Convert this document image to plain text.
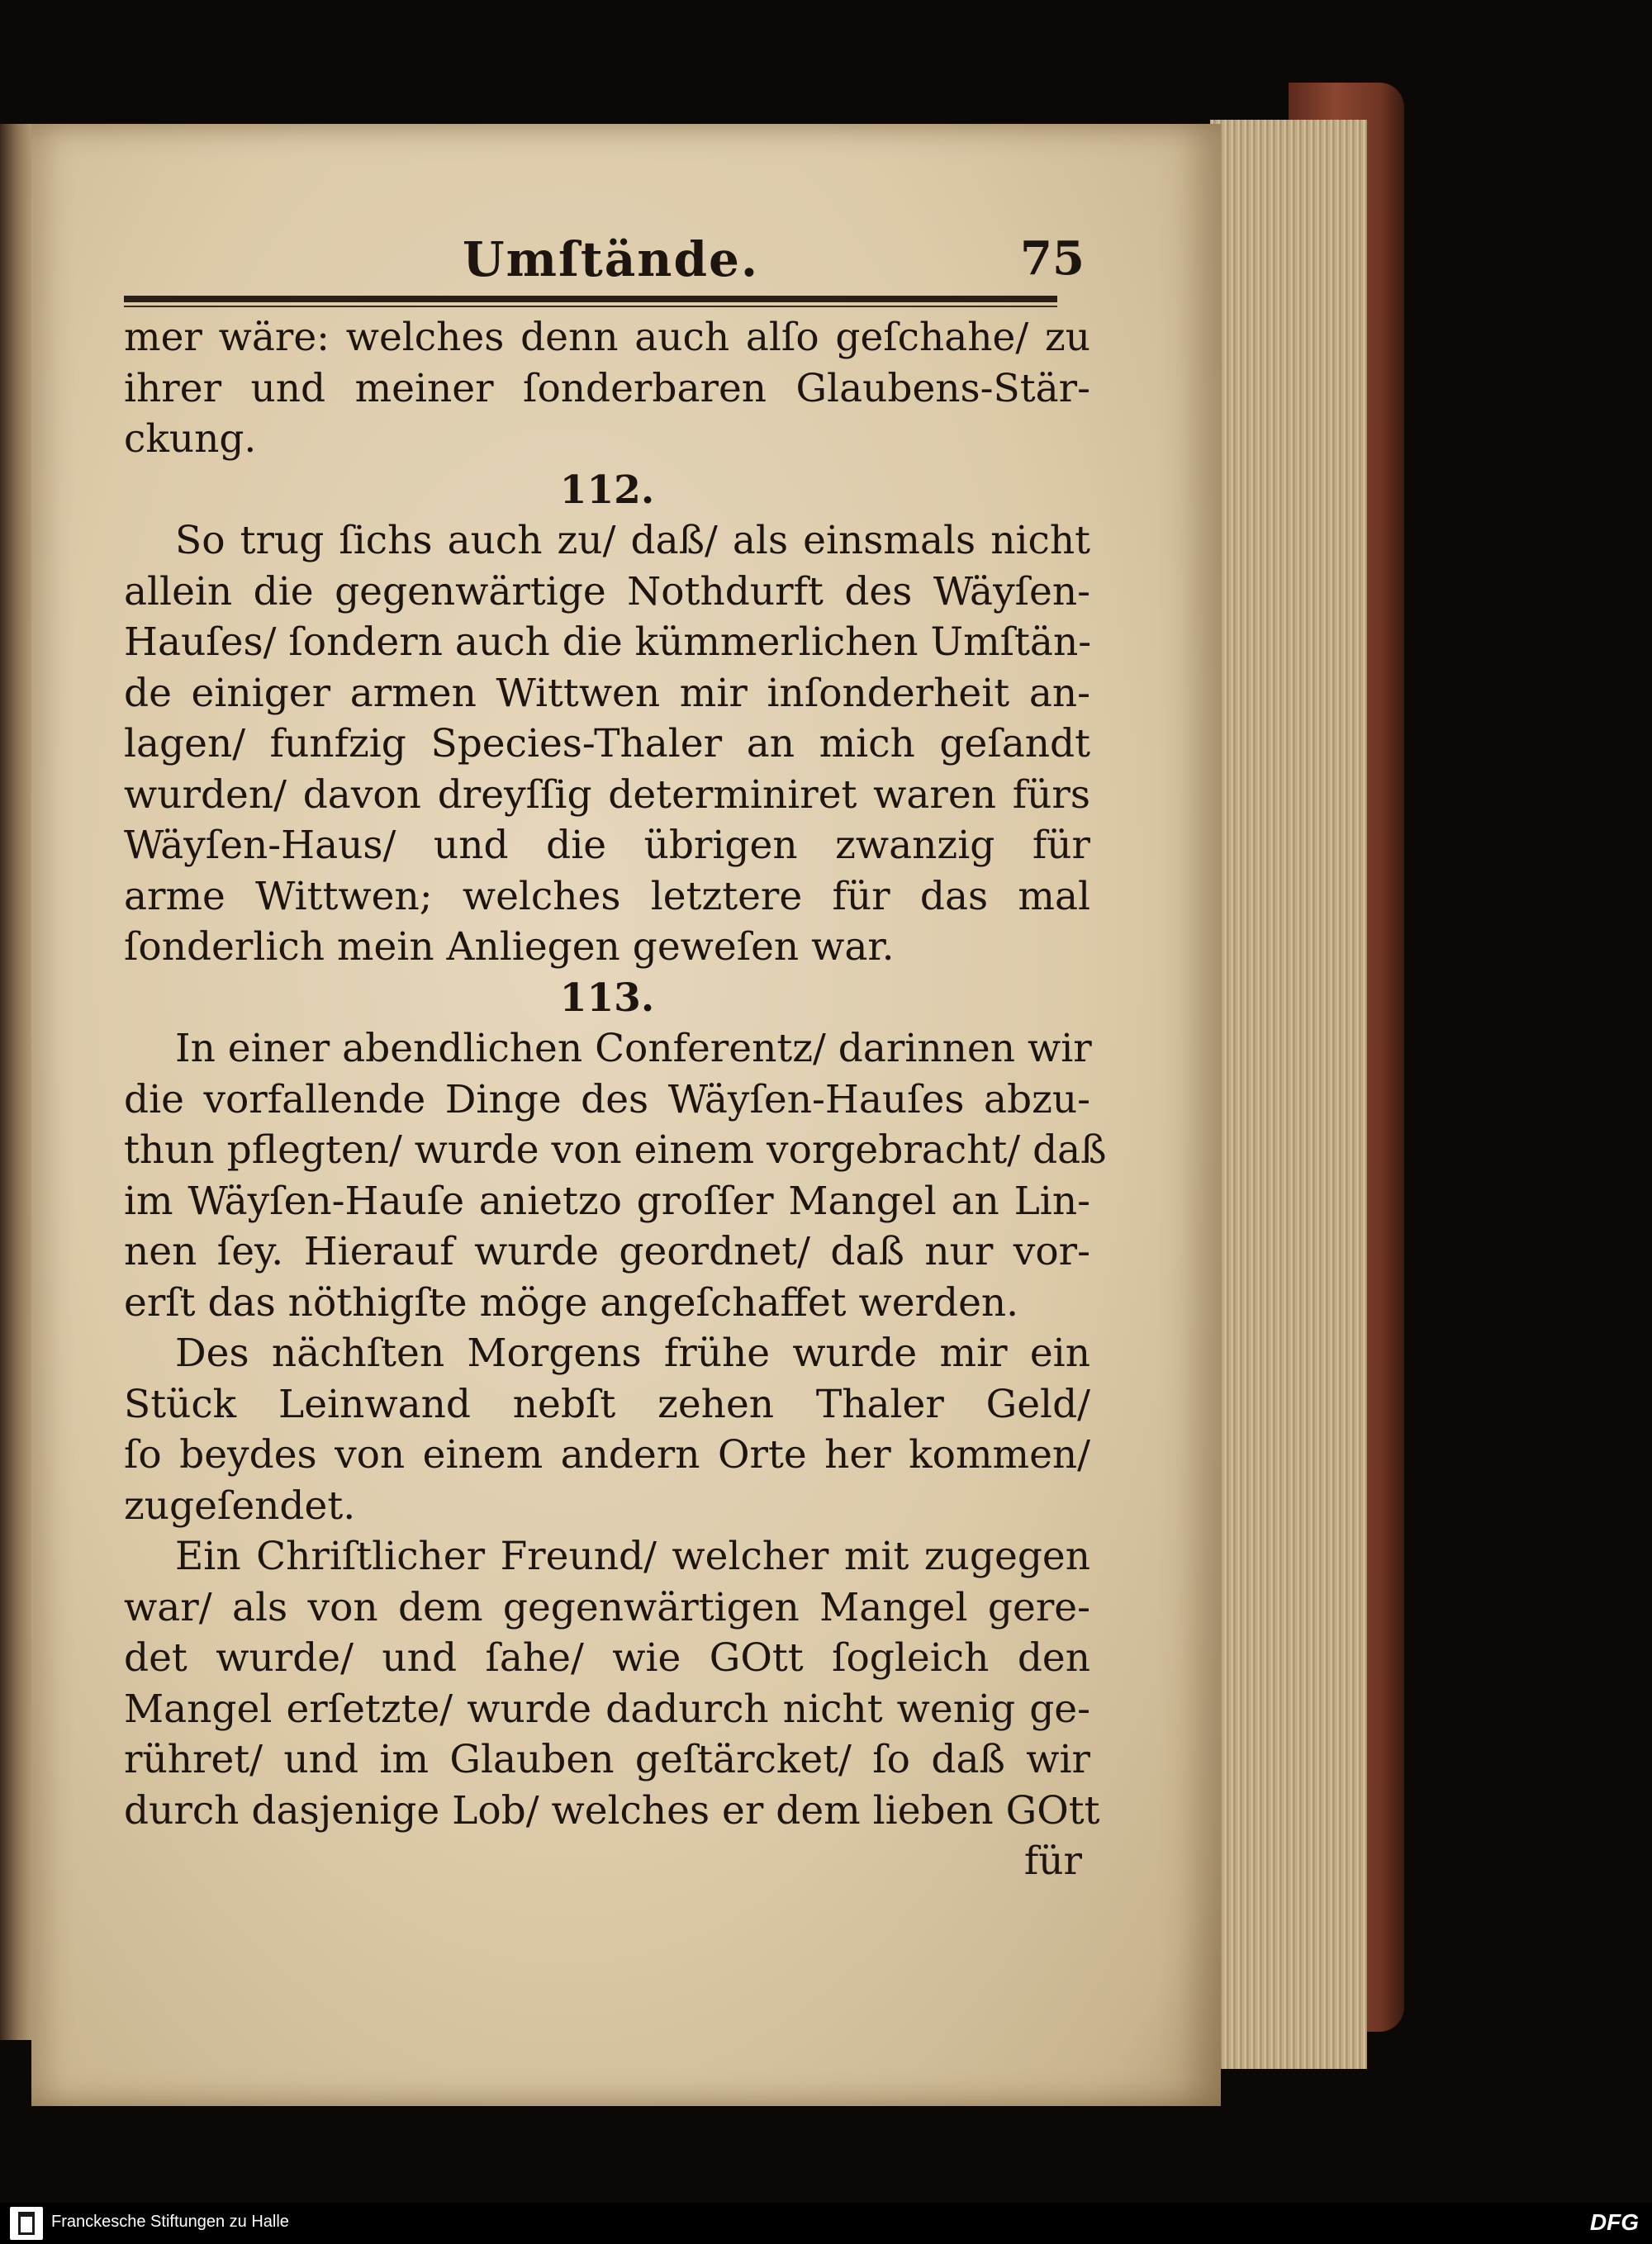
Umſtände.	75
mer wäre: welches denn auch alſo geſchahe/ zu
ihrer und meiner ſonderbaren Glaubens-Stär-
ckung.
112.
So trug ſichs auch zu/ daß/ als einsmals nicht
allein die gegenwärtige Nothdurft des Wäyſen-
Hauſes/ ſondern auch die kümmerlichen Umſtän-
de einiger armen Wittwen mir inſonderheit an-
lagen/ funfzig Species-Thaler an mich geſandt
wurden/ davon dreyſſig determiniret waren fürs
Wäyſen-Haus/ und die übrigen zwanzig für
arme Wittwen; welches letztere für das mal
ſonderlich mein Anliegen geweſen war.
113.
In einer abendlichen Conferentz/ darinnen wir
die vorfallende Dinge des Wäyſen-Hauſes abzu-
thun pflegten/ wurde von einem vorgebracht/ daß
im Wäyſen-Hauſe anietzo groſſer Mangel an Lin-
nen ſey. Hierauf wurde geordnet/ daß nur vor-
erſt das nöthigſte möge angeſchaffet werden.
Des nächſten Morgens frühe wurde mir ein
Stück Leinwand nebſt zehen Thaler Geld/
ſo beydes von einem andern Orte her kommen/
zugeſendet.
Ein Chriſtlicher Freund/ welcher mit zugegen
war/ als von dem gegenwärtigen Mangel gere-
det wurde/ und ſahe/ wie GOtt ſogleich den
Mangel erſetzte/ wurde dadurch nicht wenig ge-
rühret/ und im Glauben geſtärcket/ ſo daß wir
durch dasjenige Lob/ welches er dem lieben GOtt
für
Franckesche Stiftungen zu Halle	DFG
